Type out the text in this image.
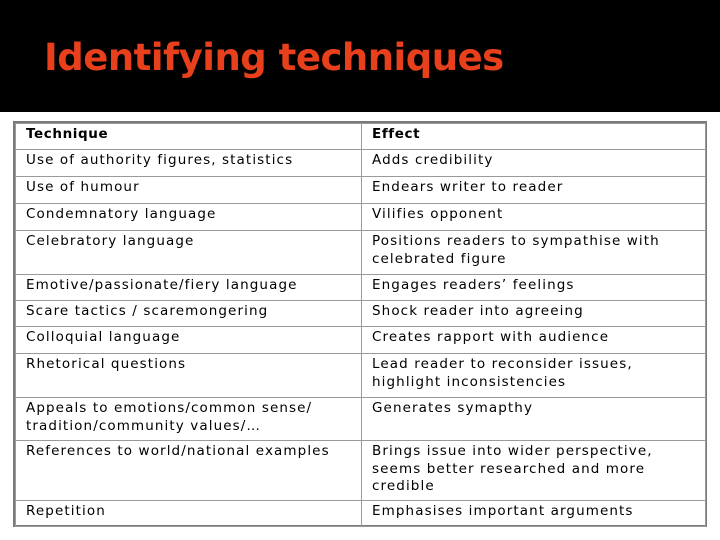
Identifying techniques
Technique	Effect
Use of authority figures, statistics	Adds credibility
Use of humour	Endears writer to reader
Condemnatory language	Vilifies opponent
Celebratory language	Positions readers to sympathise with celebrated figure
Emotive/passionate/fiery language	Engages readers’ feelings
Scare tactics / scaremongering	Shock reader into agreeing
Colloquial language	Creates rapport with audience
Rhetorical questions	Lead reader to reconsider issues, highlight inconsistencies
Appeals to emotions/common sense/ tradition/community values/…	Generates symapthy
References to world/national examples	Brings issue into wider perspective, seems better researched and more credible
Repetition	Emphasises important arguments
